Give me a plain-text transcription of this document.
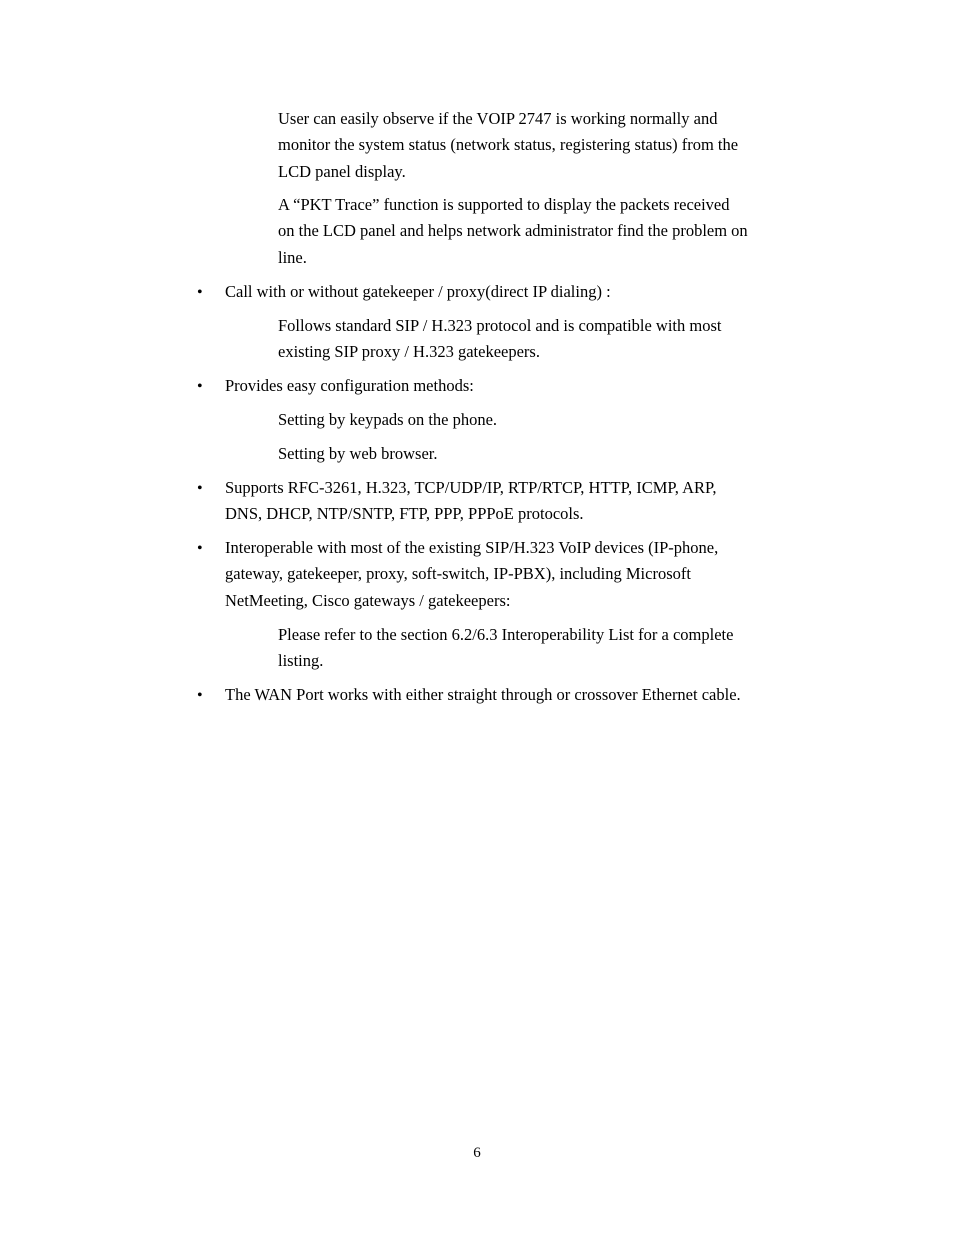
User can easily observe if the VOIP 2747 is working normally and
monitor the system status (network status, registering status) from the
LCD panel display.
A “PKT Trace” function is supported to display the packets received
on the LCD panel and helps network administrator find the problem on
line.
• Call with or without gatekeeper / proxy(direct IP dialing) :
Follows standard SIP / H.323 protocol and is compatible with most
existing SIP proxy / H.323 gatekeepers.
• Provides easy configuration methods:
Setting by keypads on the phone.
Setting by web browser.
• Supports RFC-3261, H.323, TCP/UDP/IP, RTP/RTCP, HTTP, ICMP, ARP,
DNS, DHCP, NTP/SNTP, FTP, PPP, PPPoE protocols.
• Interoperable with most of the existing SIP/H.323 VoIP devices (IP-phone,
gateway, gatekeeper, proxy, soft-switch, IP-PBX), including Microsoft
NetMeeting, Cisco gateways / gatekeepers:
Please refer to the section 6.2/6.3 Interoperability List for a complete
listing.
• The WAN Port works with either straight through or crossover Ethernet cable.
6
